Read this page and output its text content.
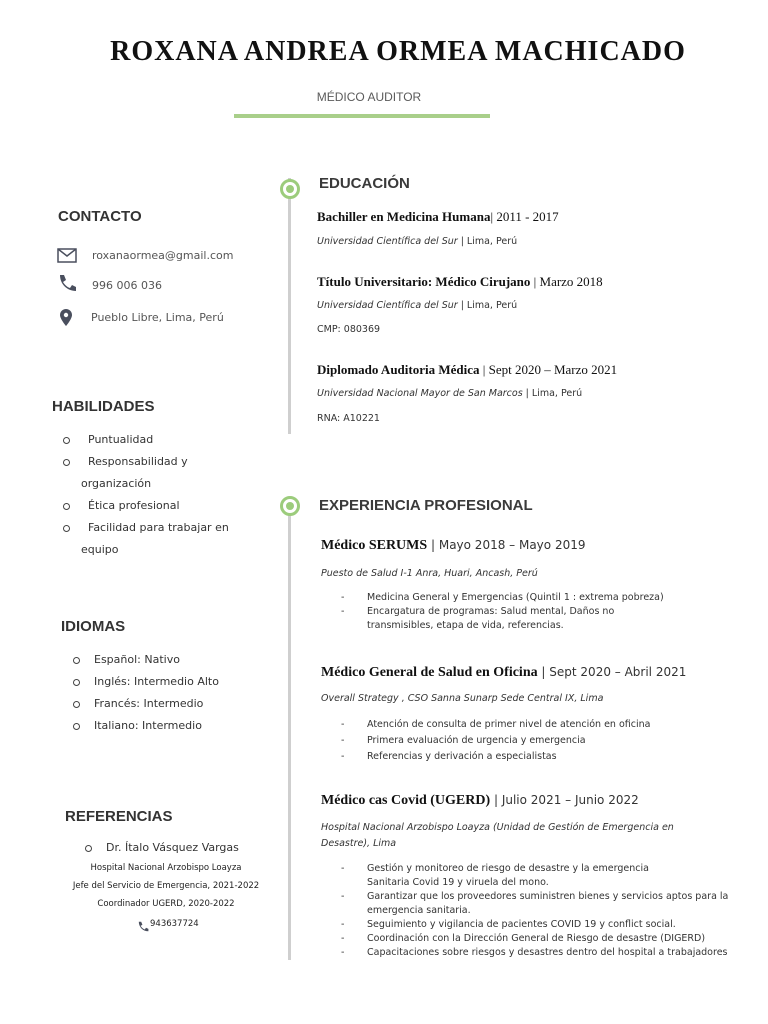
ROXANA ANDREA ORMEA MACHICADO
MÉDICO AUDITOR
CONTACTO
roxanaormea@gmail.com
996 006 036
Pueblo Libre, Lima, Perú
HABILIDADES
Puntualidad
Responsabilidad y
organización
Ética profesional
Facilidad para trabajar en
equipo
IDIOMAS
Español: Nativo
Inglés: Intermedio Alto
Francés: Intermedio
Italiano: Intermedio
REFERENCIAS
Dr. Ítalo Vásquez Vargas
Hospital Nacional Arzobispo Loayza
Jefe del Servicio de Emergencia, 2021-2022
Coordinador UGERD, 2020-2022
943637724
EDUCACIÓN
Bachiller en Medicina Humana| 2011 - 2017
Universidad Científica del Sur | Lima, Perú
Título Universitario: Médico Cirujano | Marzo 2018
Universidad Científica del Sur | Lima, Perú
CMP: 080369
Diplomado Auditoria Médica | Sept 2020 – Marzo 2021
Universidad Nacional Mayor de San Marcos | Lima, Perú
RNA: A10221
EXPERIENCIA PROFESIONAL
Médico SERUMS | Mayo 2018 – Mayo 2019
Puesto de Salud I-1 Anra, Huari, Ancash, Perú
- Medicina General y Emergencias (Quintil 1 : extrema pobreza)
- Encargatura de programas: Salud mental, Daños no transmisibles, etapa de vida, referencias.
Médico General de Salud en Oficina | Sept 2020 – Abril 2021
Overall Strategy , CSO Sanna Sunarp Sede Central IX, Lima
- Atención de consulta de primer nivel de atención en oficina
- Primera evaluación de urgencia y emergencia
- Referencias y derivación a especialistas
Médico cas Covid (UGERD) | Julio 2021 – Junio 2022
Hospital Nacional Arzobispo Loayza (Unidad de Gestión de Emergencia en Desastre), Lima
- Gestión y monitoreo de riesgo de desastre y la emergencia Sanitaria Covid 19 y viruela del mono.
- Garantizar que los proveedores suministren bienes y servicios aptos para la emergencia sanitaria.
- Seguimiento y vigilancia de pacientes COVID 19 y conflict social.
- Coordinación con la Dirección General de Riesgo de desastre (DIGERD)
- Capacitaciones sobre riesgos y desastres dentro del hospital a trabajadores
